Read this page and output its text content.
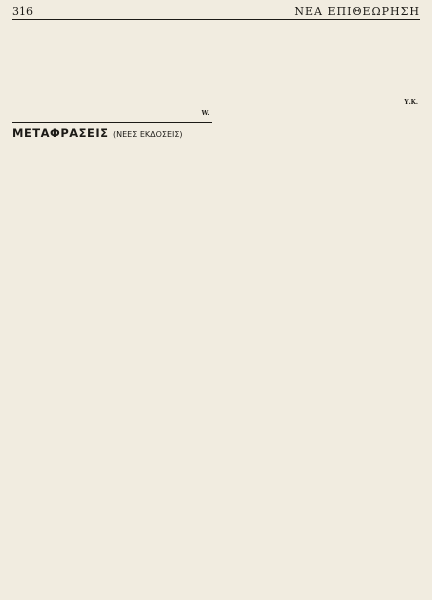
316	ΝΕΑ ΕΠΙΘΕΩΡΗΣΗ

W.
ΜΕΤΑΦΡΑΣΕΙΣ (ΝΕΕΣ ΕΚΔΟΣΕΙΣ)

Υ.Κ.
